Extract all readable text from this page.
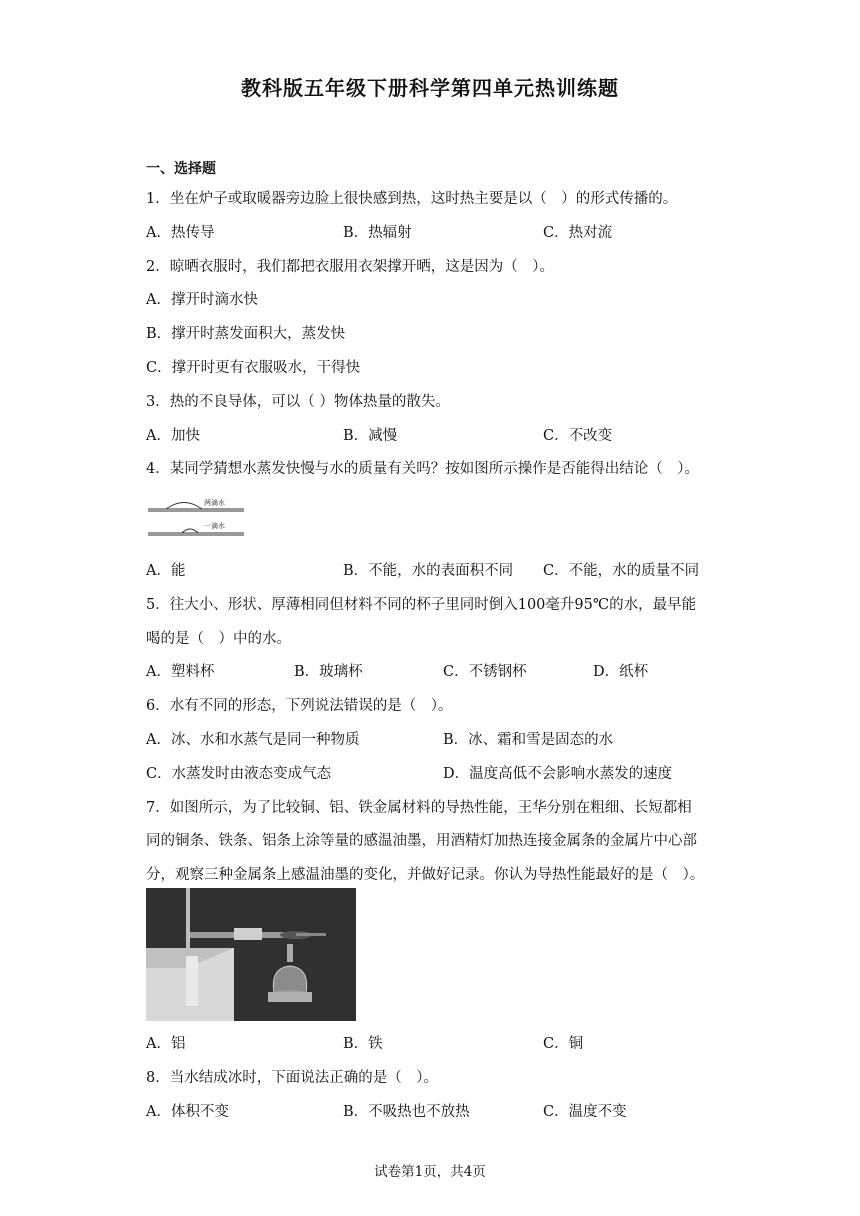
教科版五年级下册科学第四单元热训练题
一、选择题
1．坐在炉子或取暖器旁边脸上很快感到热，这时热主要是以（　）的形式传播的。
A．热传导	B．热辐射	C．热对流
2．晾晒衣服时，我们都把衣服用衣架撑开晒，这是因为（　）。
A．撑开时滴水快
B．撑开时蒸发面积大，蒸发快
C．撑开时更有衣服吸水，干得快
3．热的不良导体，可以（ ）物体热量的散失。
A．加快	B．减慢	C．不改变
4．某同学猜想水蒸发快慢与水的质量有关吗？按如图所示操作是否能得出结论（　）。
两滴水
一滴水
A．能	B．不能，水的表面积不同 C．不能，水的质量不同
5．往大小、形状、厚薄相同但材料不同的杯子里同时倒入100毫升95℃的水，最早能
喝的是（　）中的水。
A．塑料杯	B．玻璃杯	C．不锈钢杯	D．纸杯
6．水有不同的形态，下列说法错误的是（　）。
A．冰、水和水蒸气是同一种物质	B．冰、霜和雪是固态的水
C．水蒸发时由液态变成气态	D．温度高低不会影响水蒸发的速度
7．如图所示，为了比较铜、铝、铁金属材料的导热性能，王华分别在粗细、长短都相
同的铜条、铁条、铝条上涂等量的感温油墨，用酒精灯加热连接金属条的金属片中心部
分，观察三种金属条上感温油墨的变化，并做好记录。你认为导热性能最好的是（　）。
A．铝	B．铁	C．铜
8．当水结成冰时，下面说法正确的是（　）。
A．体积不变	B．不吸热也不放热	C．温度不变
试卷第1页，共4页
